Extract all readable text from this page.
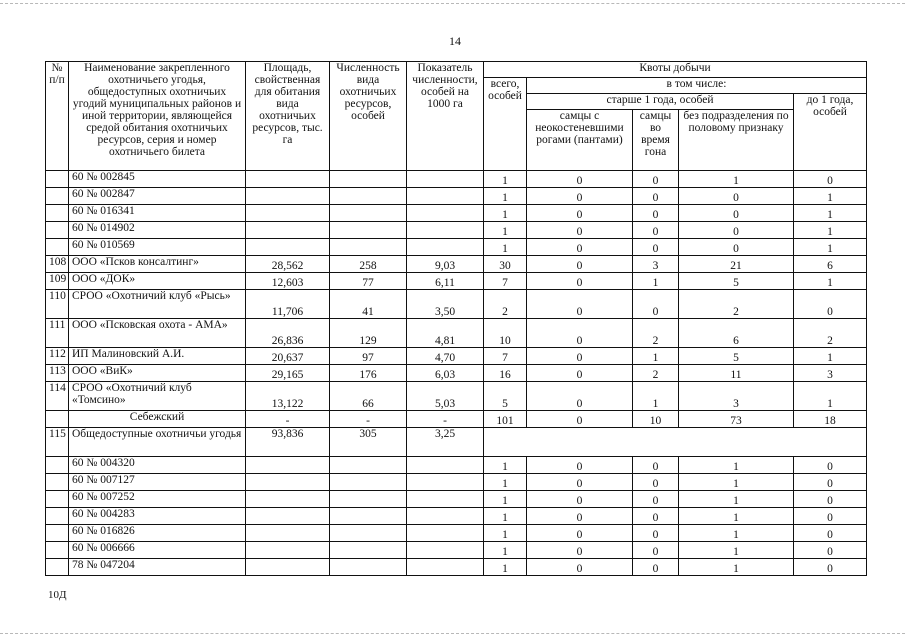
14
№ п/п	Наименование закрепленного охотничьего угодья, общедоступных охотничьих угодий муниципальных районов и иной территории, являющейся средой обитания охотничьих ресурсов, серия и номер охотничьего билета	Площадь, свойственная для обитания вида охотничьих ресурсов, тыс. га	Численность вида охотничьих ресурсов, особей	Показатель численности, особей на 1000 га	Квоты добычи				
					всего, особей	в том числе:			
						старше 1 года, особей			до 1 года, особей
						самцы с неокостеневшими рогами (пантами)	самцы во время гона	без подразделения по половому признаку	
	60 № 002845				1	0	0	1	0
	60 № 002847				1	0	0	0	1
	60 № 016341				1	0	0	0	1
	60 № 014902				1	0	0	0	1
	60 № 010569				1	0	0	0	1
108	ООО «Псков консалтинг»	28,562	258	9,03	30	0	3	21	6
109	ООО «ДОК»	12,603	77	6,11	7	0	1	5	1
110	СРОО «Охотничий клуб «Рысь»	11,706	41	3,50	2	0	0	2	0
111	ООО «Псковская охота - АМА»	26,836	129	4,81	10	0	2	6	2
112	ИП Малиновский А.И.	20,637	97	4,70	7	0	1	5	1
113	ООО «ВиК»	29,165	176	6,03	16	0	2	11	3
114	СРОО «Охотничий клуб «Томсино»	13,122	66	5,03	5	0	1	3	1
	Себежский	-	-	-	101	0	10	73	18
115	Общедоступные охотничьи угодья	93,836	305	3,25					
	60 № 004320				1	0	0	1	0
	60 № 007127				1	0	0	1	0
	60 № 007252				1	0	0	1	0
	60 № 004283				1	0	0	1	0
	60 № 016826				1	0	0	1	0
	60 № 006666				1	0	0	1	0
	78 № 047204				1	0	0	1	0
10Д
